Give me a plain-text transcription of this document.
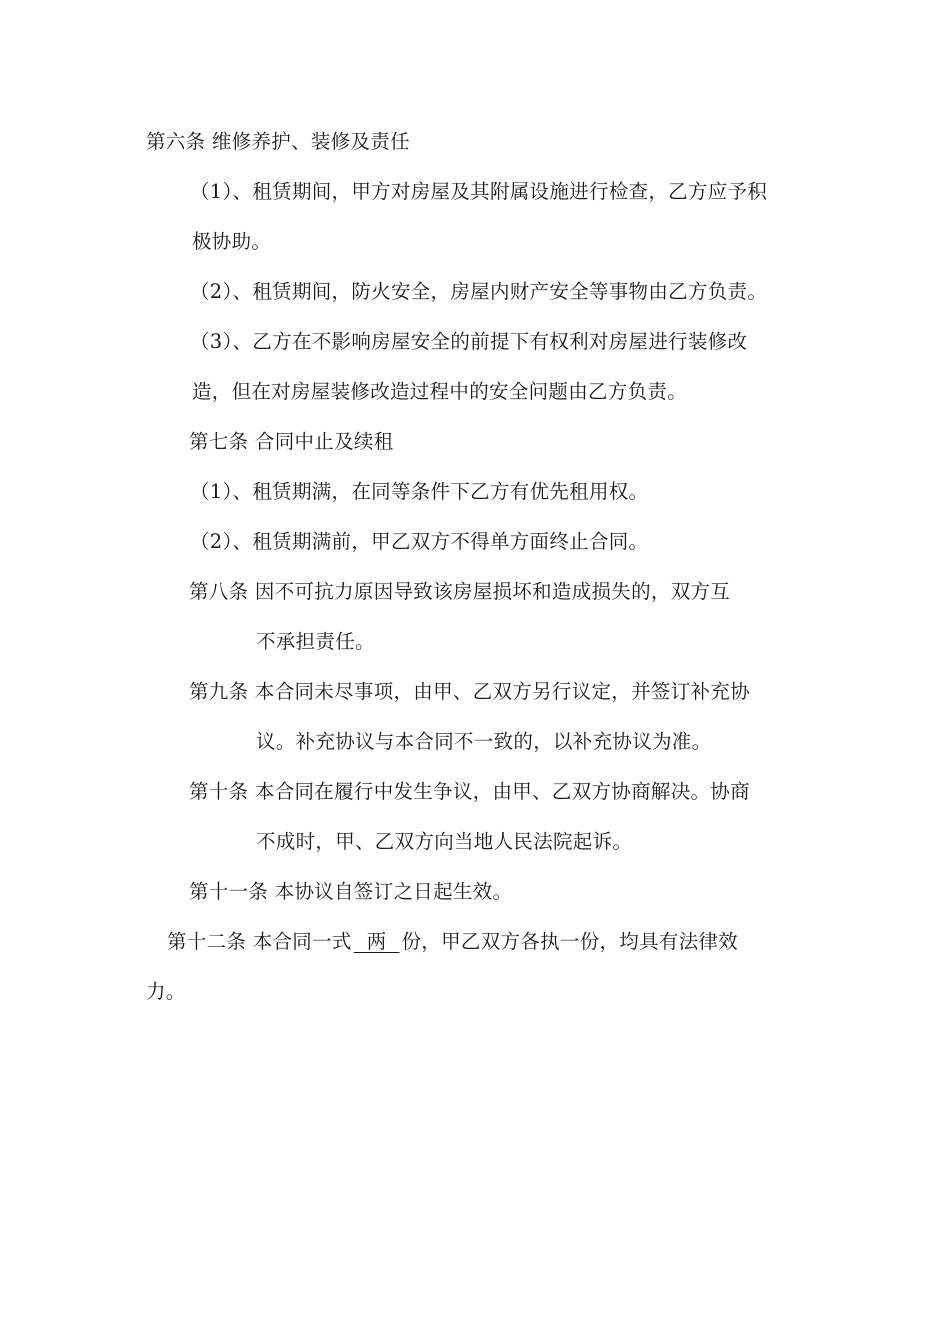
第六条 维修养护、装修及责任
（1）、租赁期间，甲方对房屋及其附属设施进行检查，乙方应予积
极协助。
（2）、租赁期间，防火安全，房屋内财产安全等事物由乙方负责。
（3）、乙方在不影响房屋安全的前提下有权利对房屋进行装修改
造，但在对房屋装修改造过程中的安全问题由乙方负责。
第七条 合同中止及续租
（1）、租赁期满，在同等条件下乙方有优先租用权。
（2）、租赁期满前，甲乙双方不得单方面终止合同。
第八条 因不可抗力原因导致该房屋损坏和造成损失的，双方互
不承担责任。
第九条 本合同未尽事项，由甲、乙双方另行议定，并签订补充协
议。补充协议与本合同不一致的，以补充协议为准。
第十条 本合同在履行中发生争议，由甲、乙双方协商解决。协商
不成时，甲、乙双方向当地人民法院起诉。
第十一条 本协议自签订之日起生效。
第十二条 本合同一式  两  份，甲乙双方各执一份，均具有法律效
力。
